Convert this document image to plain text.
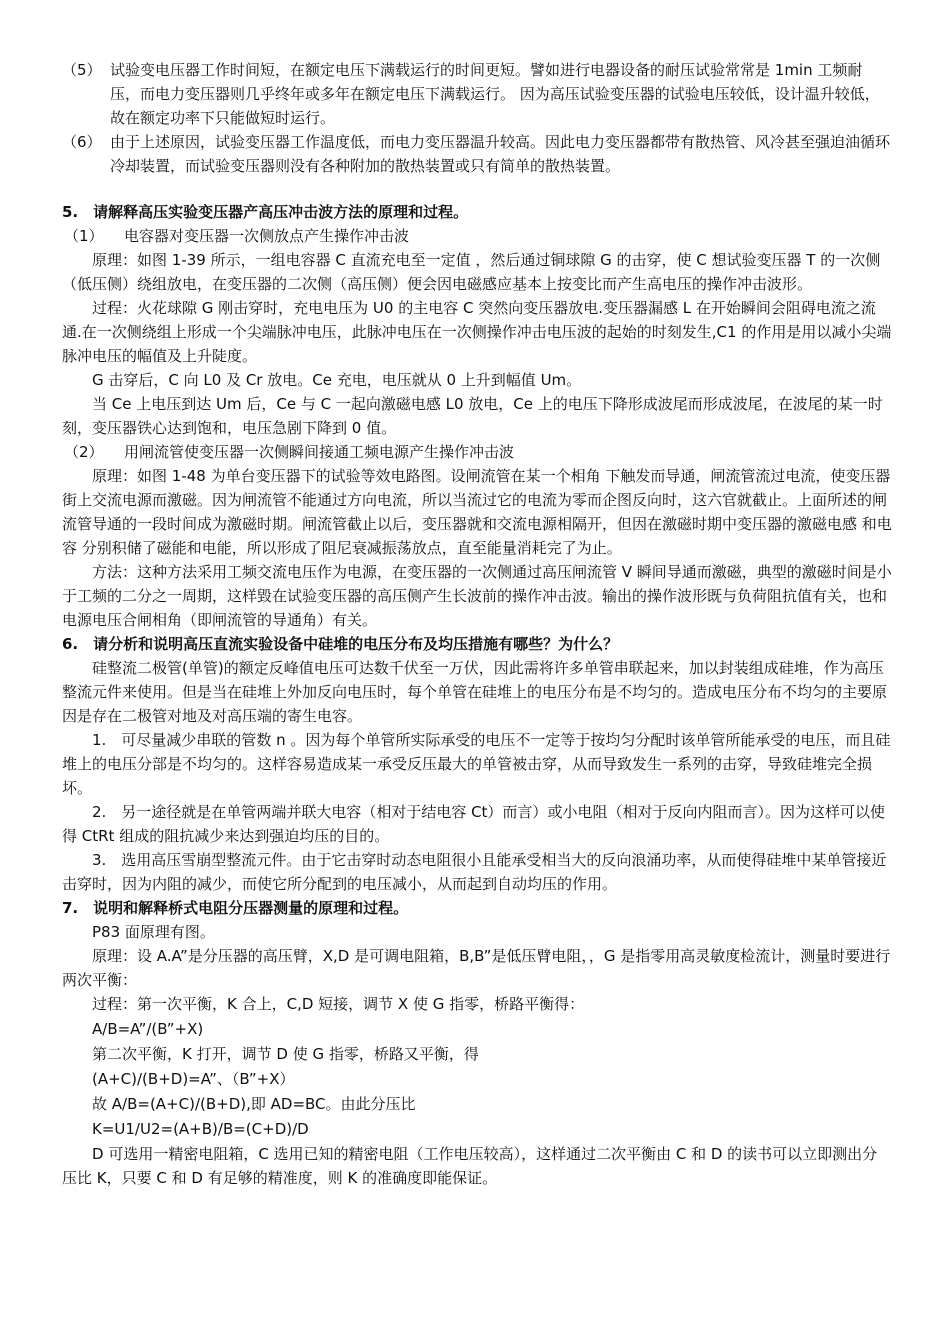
（5） 试验变电压器工作时间短，在额定电压下满载运行的时间更短。譬如进行电器设备的耐压试验常常是 1min 工频耐压，而电力变压器则几乎终年或多年在额定电压下满载运行。 因为高压试验变压器的试验电压较低，设计温升较低，故在额定功率下只能做短时运行。

（6） 由于上述原因，试验变压器工作温度低，而电力变压器温升较高。因此电力变压器都带有散热管、风冷甚至强迫油循环冷却装置，而试验变压器则没有各种附加的散热装置或只有简单的散热装置。

5.　请解释高压实验变压器产高压冲击波方法的原理和过程。

（1） 电容器对变压器一次侧放点产生操作冲击波

原理：如图 1-39 所示，一组电容器 C 直流充电至一定值 ，然后通过铜球隙 G 的击穿，使 C 想试验变压器 T 的一次侧（低压侧）绕组放电，在变压器的二次侧（高压侧）便会因电磁感应基本上按变比而产生高电压的操作冲击波形。

过程：火花球隙 G 刚击穿时，充电电压为 U0 的主电容 C 突然向变压器放电.变压器漏感 L 在开始瞬间会阻碍电流之流通.在一次侧绕组上形成一个尖端脉冲电压，此脉冲电压在一次侧操作冲击电压波的起始的时刻发生,C1 的作用是用以减小尖端脉冲电压的幅值及上升陡度。

G 击穿后，C 向 L0 及 Cr 放电。Ce 充电，电压就从 0 上升到幅值 Um。

当 Ce 上电压到达 Um 后，Ce 与 C 一起向激磁电感 L0 放电，Ce 上的电压下降形成波尾而形成波尾，在波尾的某一时刻，变压器铁心达到饱和，电压急剧下降到 0 值。

（2） 用闸流管使变压器一次侧瞬间接通工频电源产生操作冲击波

原理：如图 1-48 为单台变压器下的试验等效电路图。设闸流管在某一个相角 下触发而导通，闸流管流过电流，使变压器街上交流电源而激磁。因为闸流管不能通过方向电流，所以当流过它的电流为零而企图反向时，这六官就截止。上面所述的闸流管导通的一段时间成为激磁时期。闸流管截止以后，变压器就和交流电源相隔开，但因在激磁时期中变压器的激磁电感 和电容 分别积储了磁能和电能，所以形成了阻尼衰减振荡放点，直至能量消耗完了为止。

方法：这种方法采用工频交流电压作为电源，在变压器的一次侧通过高压闸流管 V 瞬间导通而激磁，典型的激磁时间是小于工频的二分之一周期，这样毀在试验变压器的高压侧产生长波前的操作冲击波。输出的操作波形既与负荷阻抗值有关，也和电源电压合闸相角（即闸流管的导通角）有关。

6.　请分析和说明高压直流实验设备中硅堆的电压分布及均压措施有哪些？为什么？

硅整流二极管(单管)的额定反峰值电压可达数千伏至一万伏，因此需将许多单管串联起来，加以封装组成硅堆，作为高压整流元件来使用。但是当在硅堆上外加反向电压时，每个单管在硅堆上的电压分布是不均匀的。造成电压分布不均匀的主要原因是存在二极管对地及对高压端的寄生电容。

1.　可尽量减少串联的管数 n 。因为每个单管所实际承受的电压不一定等于按均匀分配时该单管所能承受的电压，而且硅堆上的电压分部是不均匀的。这样容易造成某一承受反压最大的单管被击穿，从而导致发生一系列的击穿，导致硅堆完全损坏。

2.　另一途径就是在单管两端并联大电容（相对于结电容 Ct）而言）或小电阻（相对于反向内阻而言）。因为这样可以使得 CtRt 组成的阻抗减少来达到强迫均压的目的。

3.　选用高压雪崩型整流元件。由于它击穿时动态电阻很小且能承受相当大的反向浪涌功率，从而使得硅堆中某单管接近击穿时，因为内阻的减少，而使它所分配到的电压减小，从而起到自动均压的作用。

7.　说明和解释桥式电阻分压器测量的原理和过程。

P83 面原理有图。

原理：设 A.A”是分压器的高压臂，X,D 是可调电阻箱，B,B”是低压臂电阻，，G 是指零用高灵敏度检流计，测量时要进行两次平衡：

过程：第一次平衡，K 合上，C,D 短接，调节 X 使 G 指零，桥路平衡得：

A/B=A”/(B”+X)

第二次平衡，K 打开，调节 D 使 G 指零，桥路又平衡，得

(A+C)/(B+D)=A”、（B”+X）

故 A/B=(A+C)/(B+D),即 AD=BC。由此分压比

K=U1/U2=(A+B)/B=(C+D)/D

D 可选用一精密电阻箱，C 选用已知的精密电阻（工作电压较高），这样通过二次平衡由 C 和 D 的读书可以立即测出分压比 K，只要 C 和 D 有足够的精准度，则 K 的准确度即能保证。
